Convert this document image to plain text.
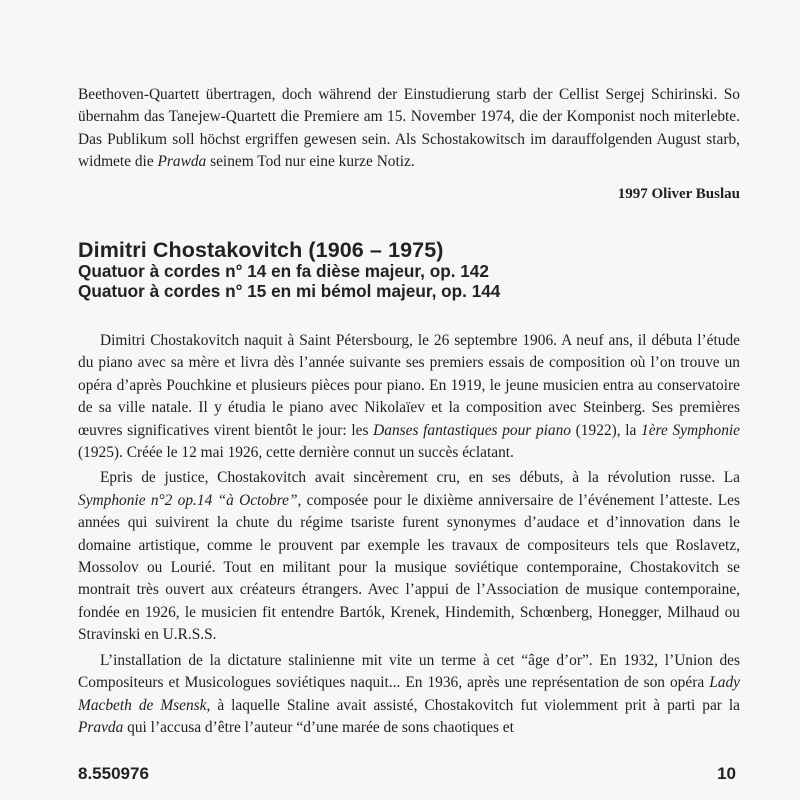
Beethoven-Quartett übertragen, doch während der Einstudierung starb der Cellist Sergej Schirinski. So übernahm das Tanejew-Quartett die Premiere am 15. November 1974, die der Komponist noch miterlebte. Das Publikum soll höchst ergriffen gewesen sein. Als Schostakowitsch im darauffolgenden August starb, widmete die Prawda seinem Tod nur eine kurze Notiz.

1997 Oliver Buslau
Dimitri Chostakovitch (1906 – 1975)
Quatuor à cordes n° 14 en fa dièse majeur, op. 142
Quatuor à cordes n° 15 en mi bémol majeur, op. 144

Dimitri Chostakovitch naquit à Saint Pétersbourg, le 26 septembre 1906. A neuf ans, il débuta l’étude du piano avec sa mère et livra dès l’année suivante ses premiers essais de composition où l’on trouve un opéra d’après Pouchkine et plusieurs pièces pour piano. En 1919, le jeune musicien entra au conservatoire de sa ville natale. Il y étudia le piano avec Nikolaïev et la composition avec Steinberg. Ses premières œuvres significatives virent bientôt le jour: les Danses fantastiques pour piano (1922), la 1ère Symphonie (1925). Créée le 12 mai 1926, cette dernière connut un succès éclatant.

Epris de justice, Chostakovitch avait sincèrement cru, en ses débuts, à la révolution russe. La Symphonie n°2 op.14 “à Octobre”, composée pour le dixième anniversaire de l’événement l’atteste. Les années qui suivirent la chute du régime tsariste furent synonymes d’audace et d’innovation dans le domaine artistique, comme le prouvent par exemple les travaux de compositeurs tels que Roslavetz, Mossolov ou Lourié. Tout en militant pour la musique soviétique contemporaine, Chostakovitch se montrait très ouvert aux créateurs étrangers. Avec l’appui de l’Association de musique contemporaine, fondée en 1926, le musicien fit entendre Bartók, Krenek, Hindemith, Schœnberg, Honegger, Milhaud ou Stravinski en U.R.S.S.

L’installation de la dictature stalinienne mit vite un terme à cet “âge d’or”. En 1932, l’Union des Compositeurs et Musicologues soviétiques naquit... En 1936, après une représentation de son opéra Lady Macbeth de Msensk, à laquelle Staline avait assisté, Chostakovitch fut violemment prit à parti par la Pravda qui l’accusa d’être l’auteur “d’une marée de sons chaotiques et

8.550976	10
